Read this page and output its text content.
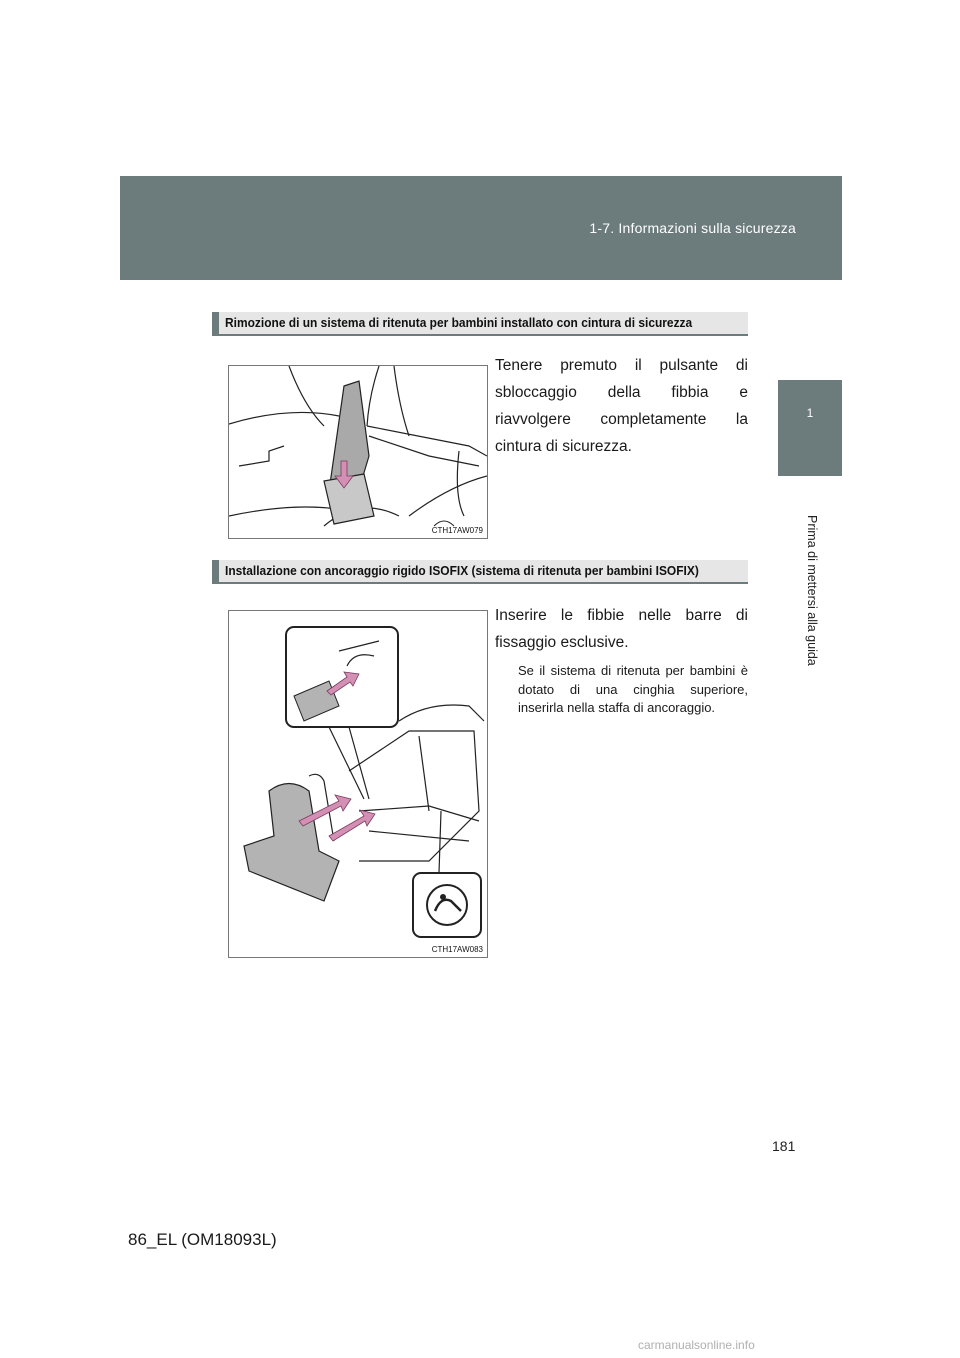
1-7. Informazioni sulla sicurezza
1
Prima di mettersi alla guida
Rimozione di un sistema di ritenuta per bambini installato con cintura di sicurezza
CTH17AW079
Tenere premuto il pulsante di sbloccaggio della fibbia e riavvolgere completamente la cintura di sicurezza.
Installazione con ancoraggio rigido ISOFIX (sistema di ritenuta per bambini ISOFIX)
CTH17AW083
Inserire le fibbie nelle barre di fissaggio esclusive.
Se il sistema di ritenuta per bambini è dotato di una cinghia superiore, inserirla nella staffa di ancoraggio.
181
86_EL (OM18093L)
carmanualsonline.info
